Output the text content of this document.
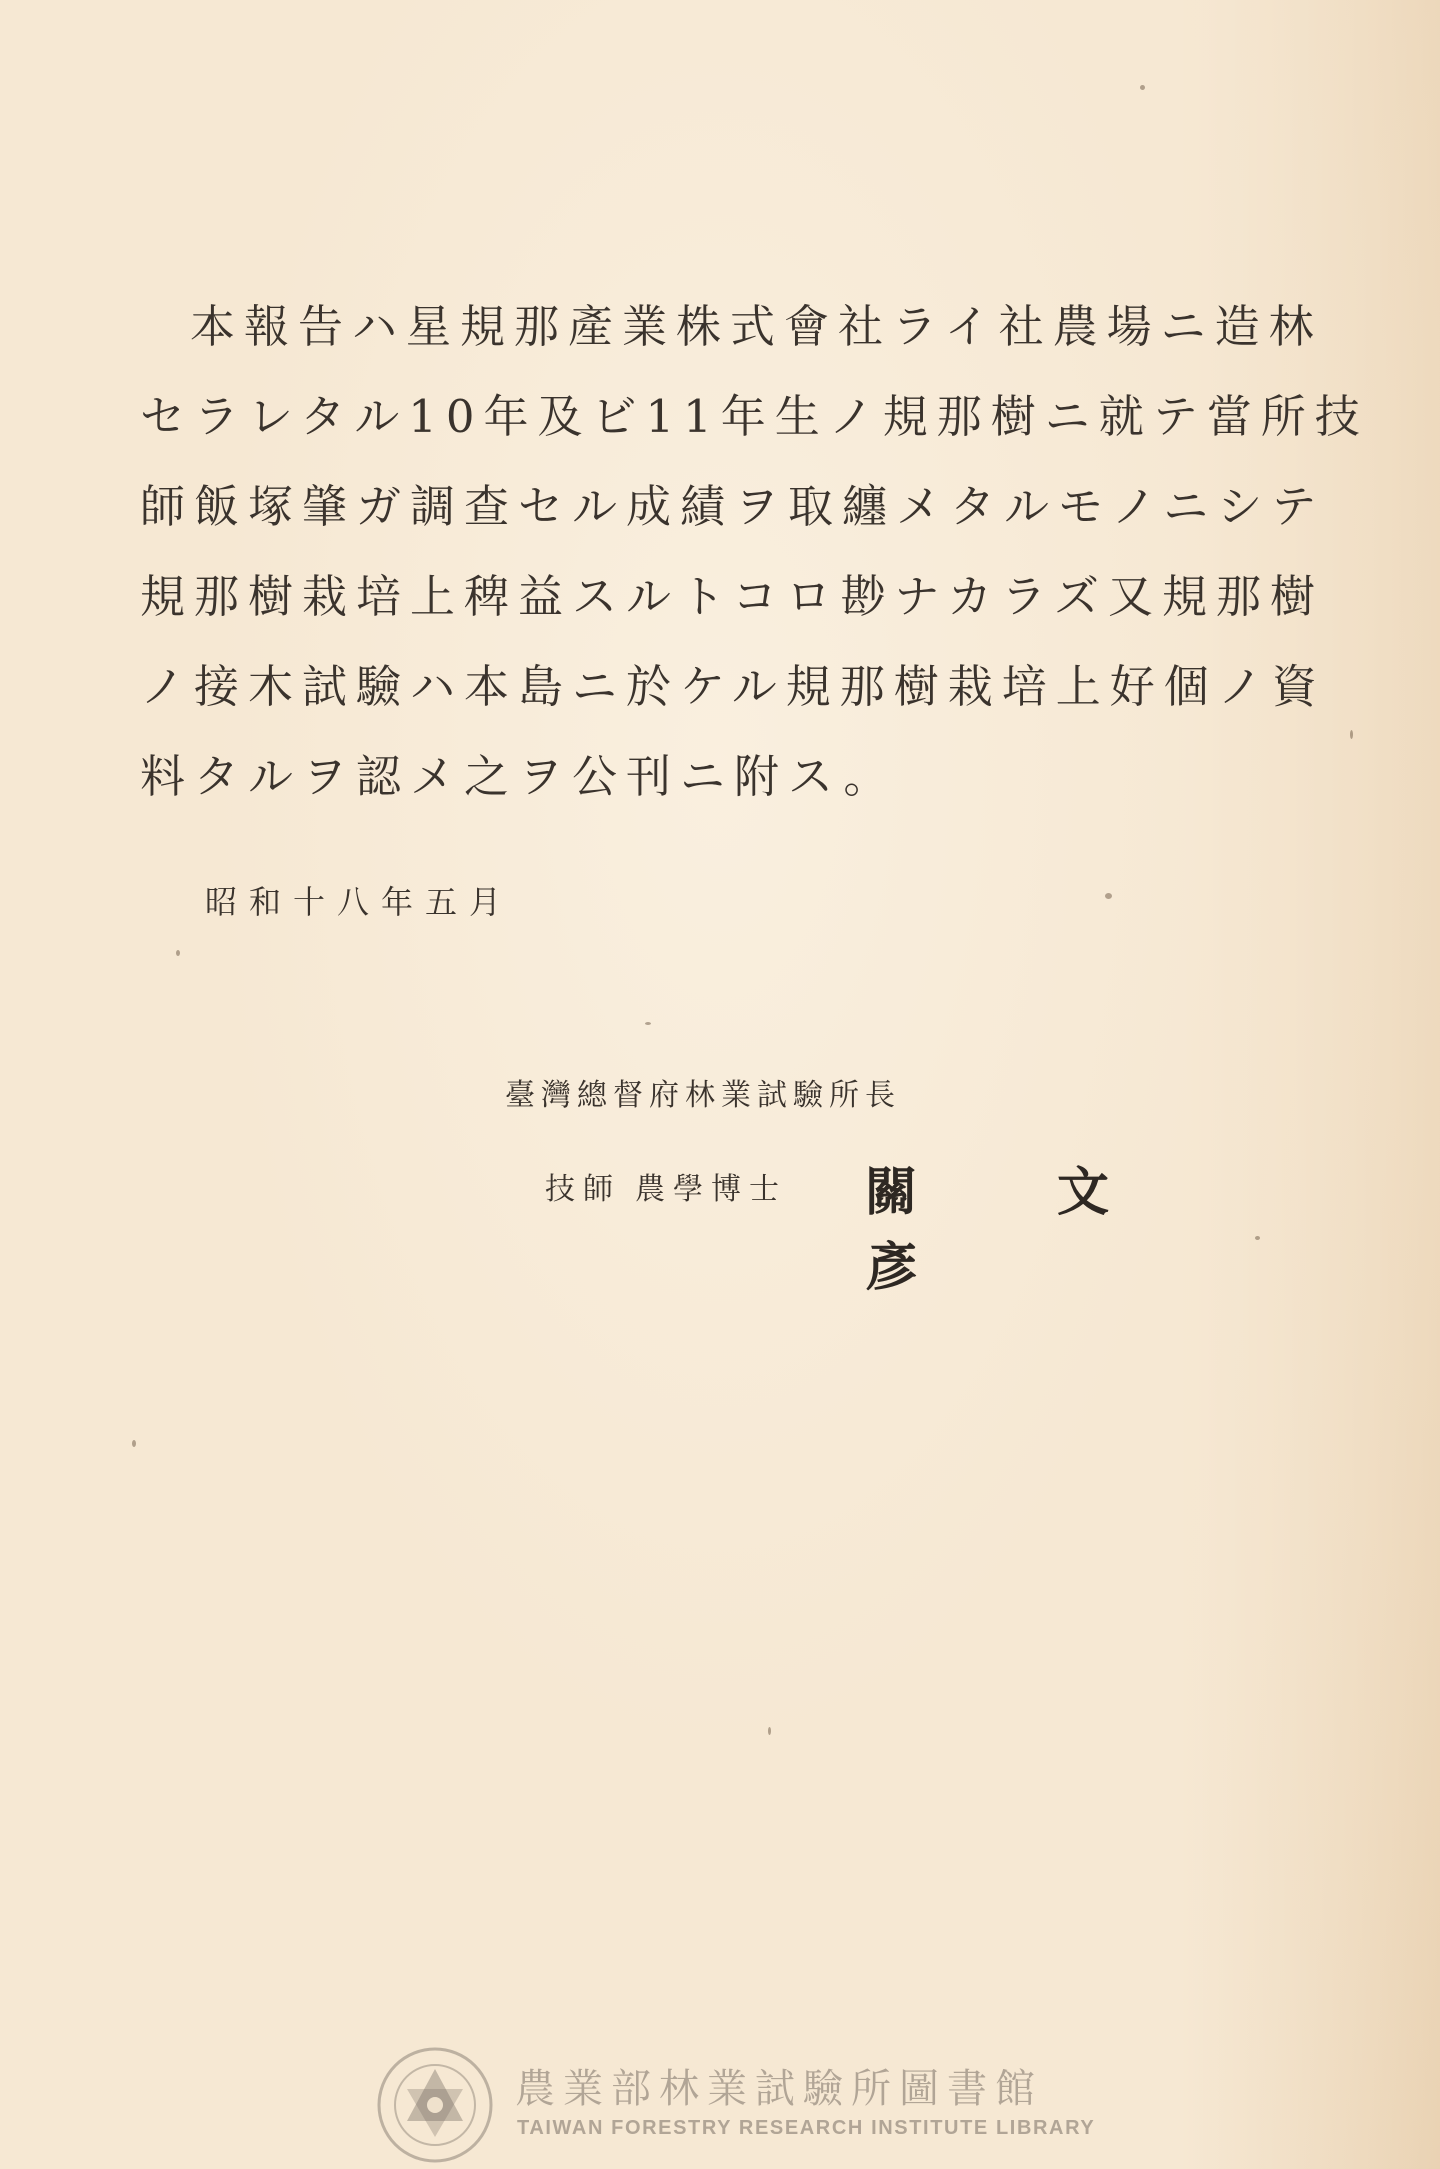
本報告ハ星規那產業株式會社ライ社農場ニ造林
セラレタル10年及ビ11年生ノ規那樹ニ就テ當所技
師飯塚肇ガ調查セル成績ヲ取纏メタルモノニシテ
規那樹栽培上稗益スルトコロ尠ナカラズ又規那樹
ノ接木試驗ハ本島ニ於ケル規那樹栽培上好個ノ資
料タルヲ認メ之ヲ公刊ニ附ス。
昭和十八年五月
臺灣總督府林業試驗所長
技師 農學博士 關文彥
農業部林業試驗所圖書館
TAIWAN FORESTRY RESEARCH INSTITUTE LIBRARY
